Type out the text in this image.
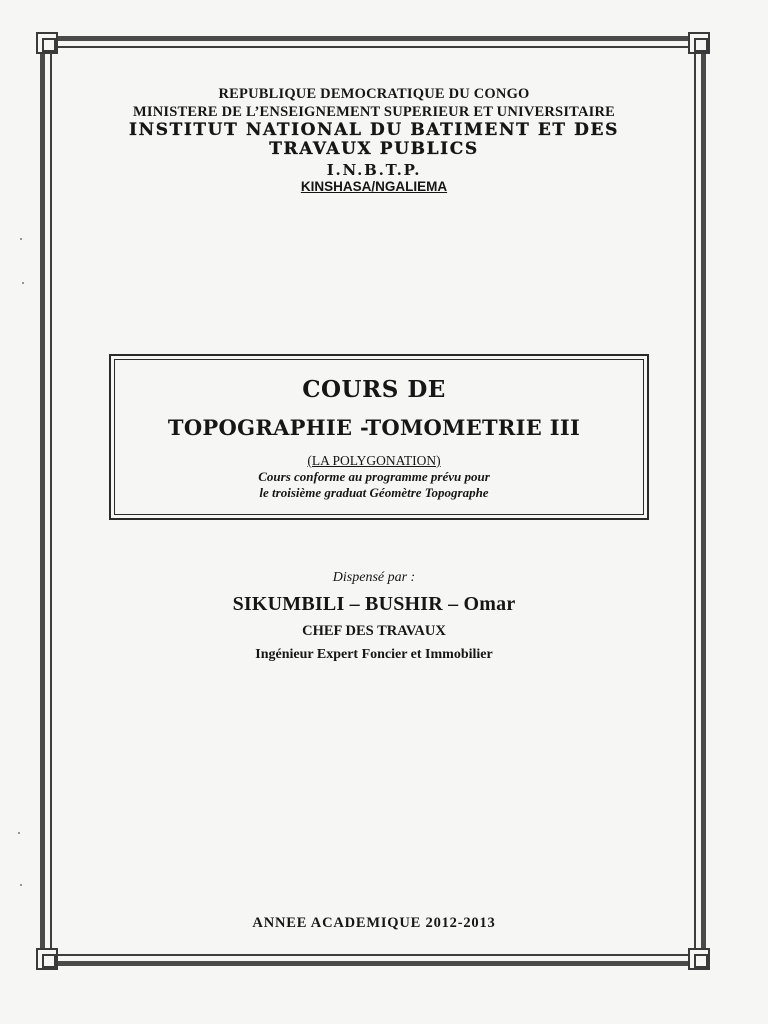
REPUBLIQUE DEMOCRATIQUE DU CONGO
MINISTERE DE L’ENSEIGNEMENT SUPERIEUR ET UNIVERSITAIRE
INSTITUT NATIONAL DU BATIMENT ET DES
TRAVAUX PUBLICS
I.N.B.T.P.
KINSHASA/NGALIEMA
COURS DE
TOPOGRAPHIE -TOMOMETRIE III
(LA POLYGONATION)
Cours conforme au programme prévu pour
le troisième graduat Géomètre Topographe
Dispensé par :
SIKUMBILI – BUSHIR – Omar
CHEF DES TRAVAUX
Ingénieur Expert Foncier et Immobilier
ANNEE ACADEMIQUE 2012-2013
